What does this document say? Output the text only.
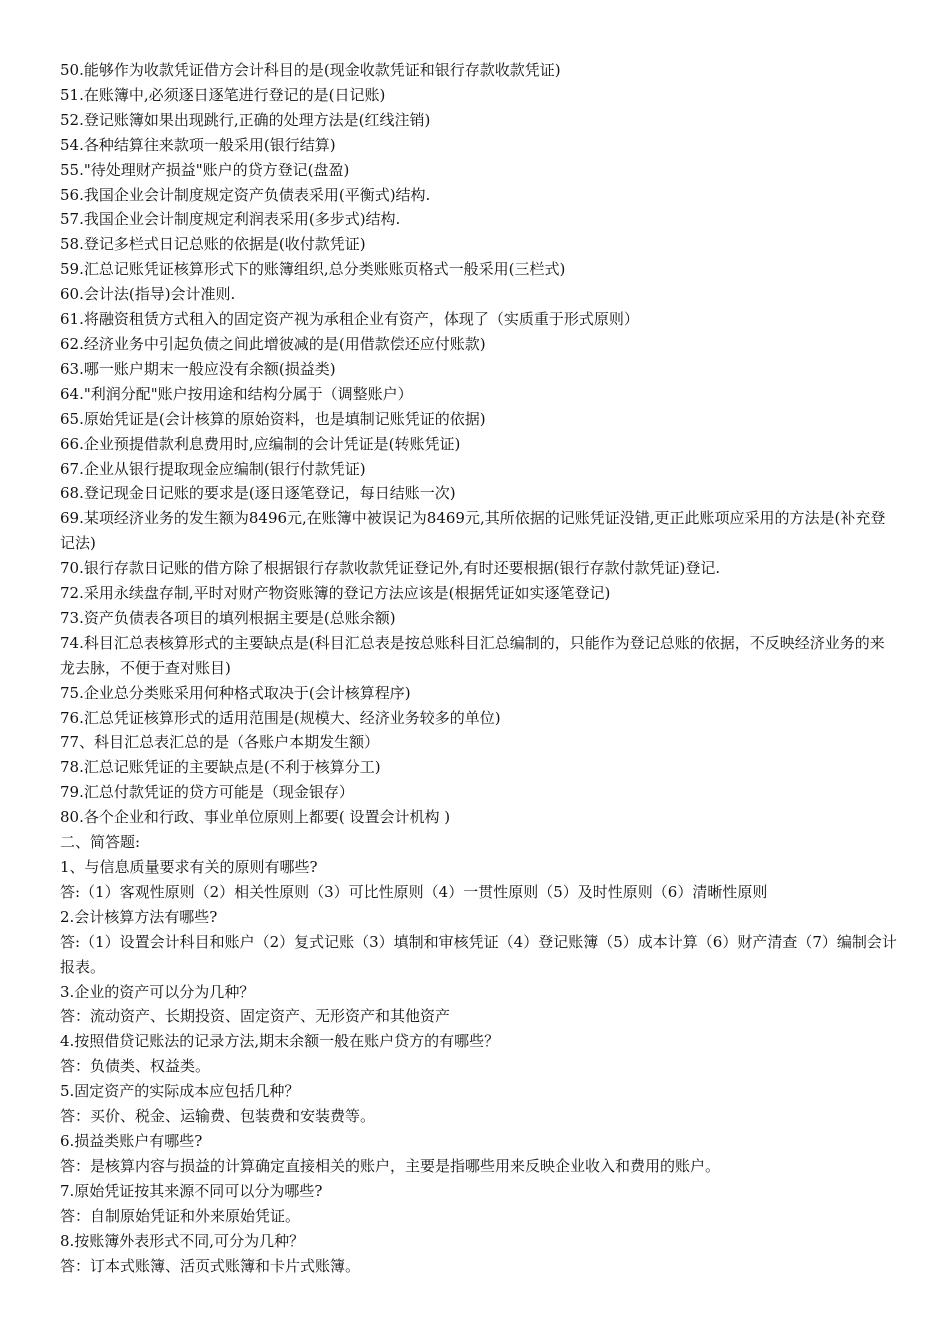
50.能够作为收款凭证借方会计科目的是(现金收款凭证和银行存款收款凭证)

51.在账簿中,必须逐日逐笔进行登记的是(日记账)

52.登记账簿如果出现跳行,正确的处理方法是(红线注销)

54.各种结算往来款项一般采用(银行结算)

55."待处理财产损益"账户的贷方登记(盘盈)

56.我国企业会计制度规定资产负债表采用(平衡式)结构.

57.我国企业会计制度规定利润表采用(多步式)结构.

58.登记多栏式日记总账的依据是(收付款凭证)

59.汇总记账凭证核算形式下的账簿组织,总分类账账页格式一般采用(三栏式)

60.会计法(指导)会计准则.

61.将融资租赁方式租入的固定资产视为承租企业有资产，体现了（实质重于形式原则）

62.经济业务中引起负债之间此增彼减的是(用借款偿还应付账款)

63.哪一账户期末一般应没有余额(损益类)

64."利润分配"账户按用途和结构分属于（调整账户）

65.原始凭证是(会计核算的原始资料，也是填制记账凭证的依据)

66.企业预提借款利息费用时,应编制的会计凭证是(转账凭证)

67.企业从银行提取现金应编制(银行付款凭证)

68.登记现金日记账的要求是(逐日逐笔登记，每日结账一次)

69.某项经济业务的发生额为8496元,在账簿中被误记为8469元,其所依据的记账凭证没错,更正此账项应采用的方法是(补充登记法)

70.银行存款日记账的借方除了根据银行存款收款凭证登记外,有时还要根据(银行存款付款凭证)登记.

72.采用永续盘存制,平时对财产物资账簿的登记方法应该是(根据凭证如实逐笔登记)

73.资产负债表各项目的填列根据主要是(总账余额)

74.科目汇总表核算形式的主要缺点是(科目汇总表是按总账科目汇总编制的，只能作为登记总账的依据，不反映经济业务的来龙去脉，不便于查对账目)

75.企业总分类账采用何种格式取决于(会计核算程序)

76.汇总凭证核算形式的适用范围是(规模大、经济业务较多的单位)

77、科目汇总表汇总的是（各账户本期发生额）

78.汇总记账凭证的主要缺点是(不利于核算分工)

79.汇总付款凭证的贷方可能是（现金银存）

80.各个企业和行政、事业单位原则上都要( 设置会计机构 )

二、简答题:

1、与信息质量要求有关的原则有哪些?

答:（1）客观性原则（2）相关性原则（3）可比性原则（4）一贯性原则（5）及时性原则（6）清晰性原则

2.会计核算方法有哪些?

答:（1）设置会计科目和账户（2）复式记账（3）填制和审核凭证（4）登记账簿（5）成本计算（6）财产清查（7）编制会计报表。

3.企业的资产可以分为几种？

答：流动资产、长期投资、固定资产、无形资产和其他资产

4.按照借贷记账法的记录方法,期末余额一般在账户贷方的有哪些？

答：负债类、权益类。

5.固定资产的实际成本应包括几种？

答：买价、税金、运输费、包装费和安装费等。

6.损益类账户有哪些?

答：是核算内容与损益的计算确定直接相关的账户，主要是指哪些用来反映企业收入和费用的账户。

7.原始凭证按其来源不同可以分为哪些?

答：自制原始凭证和外来原始凭证。

8.按账簿外表形式不同,可分为几种？

答：订本式账簿、活页式账簿和卡片式账簿。
